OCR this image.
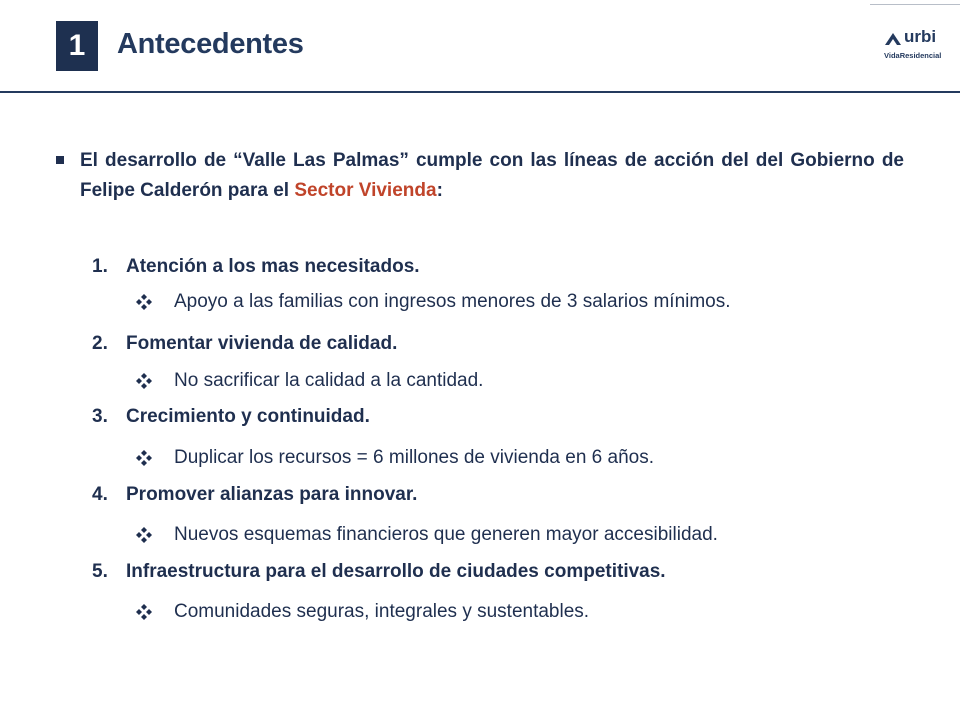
1	Antecedentes	urbi
VidaResidencial
El desarrollo de “Valle Las Palmas” cumple con las líneas de acción del del Gobierno de Felipe Calderón para el Sector Vivienda:
1. Atención a los mas necesitados.
Apoyo a las familias con ingresos menores de 3 salarios mínimos.
2. Fomentar vivienda de calidad.
No sacrificar la calidad a la cantidad.
3. Crecimiento y continuidad.
Duplicar los recursos = 6 millones de vivienda en 6 años.
4. Promover alianzas para innovar.
Nuevos esquemas financieros que generen mayor accesibilidad.
5. Infraestructura para el desarrollo de ciudades competitivas.
Comunidades seguras, integrales y sustentables.
